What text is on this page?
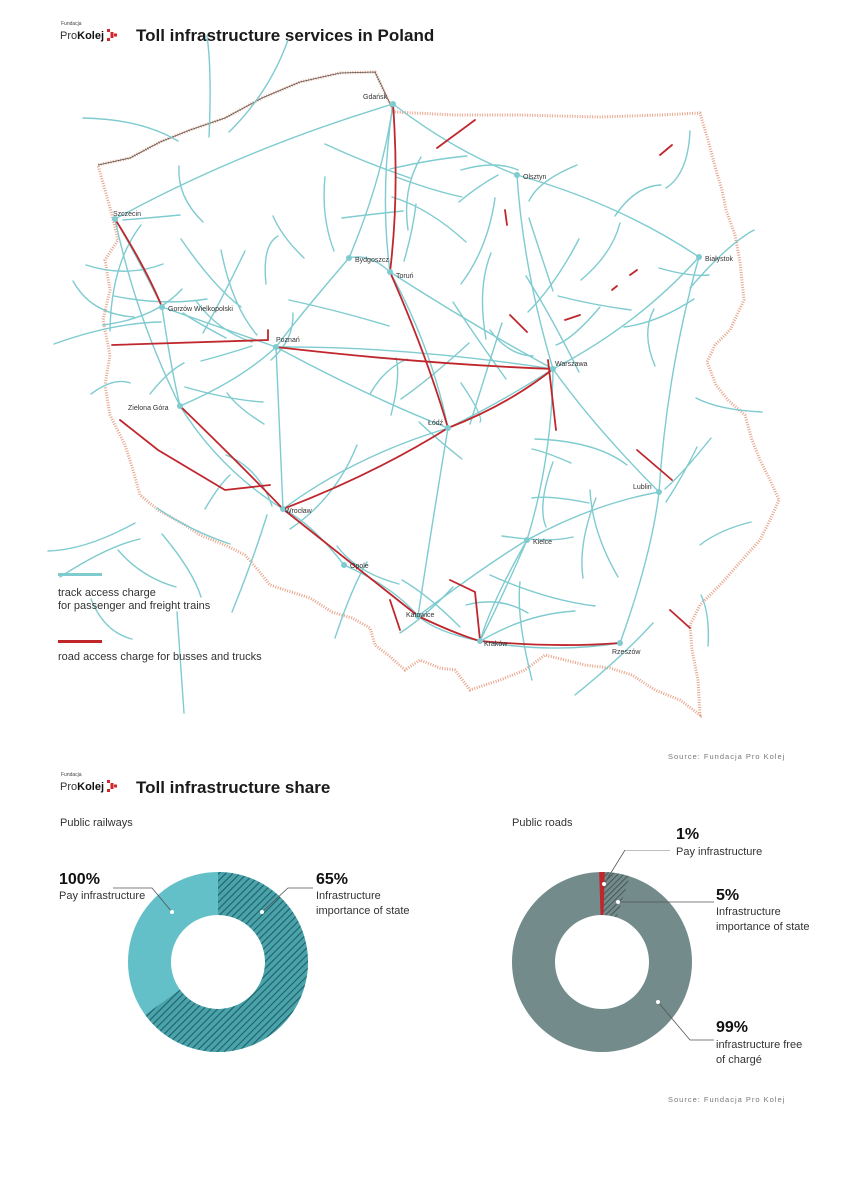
Fundacja
Pro Kolej Toll infrastructure services in Poland
Gdańsk
Olsztyn
Szczecin
Białystok
Bydgoszcz
Toruń
Gorzów Wielkopolski
Poznań
Warszawa
Zielona Góra
Łódź
Lublin
Wrocław
Kielce
Opole
Katowice
Kraków
Rzeszów
track access charge
for passenger and freight trains
road access charge for busses and trucks
Source: Fundacja Pro Kolej
Fundacja
Pro Kolej Toll infrastructure share
Public railways	Public roads
100%
Pay infrastructure
65%
Infrastructure
importance of state
1%
Pay infrastructure
5%
Infrastructure
importance of state
99%
infrastructure free
of chargé
Source: Fundacja Pro Kolej
